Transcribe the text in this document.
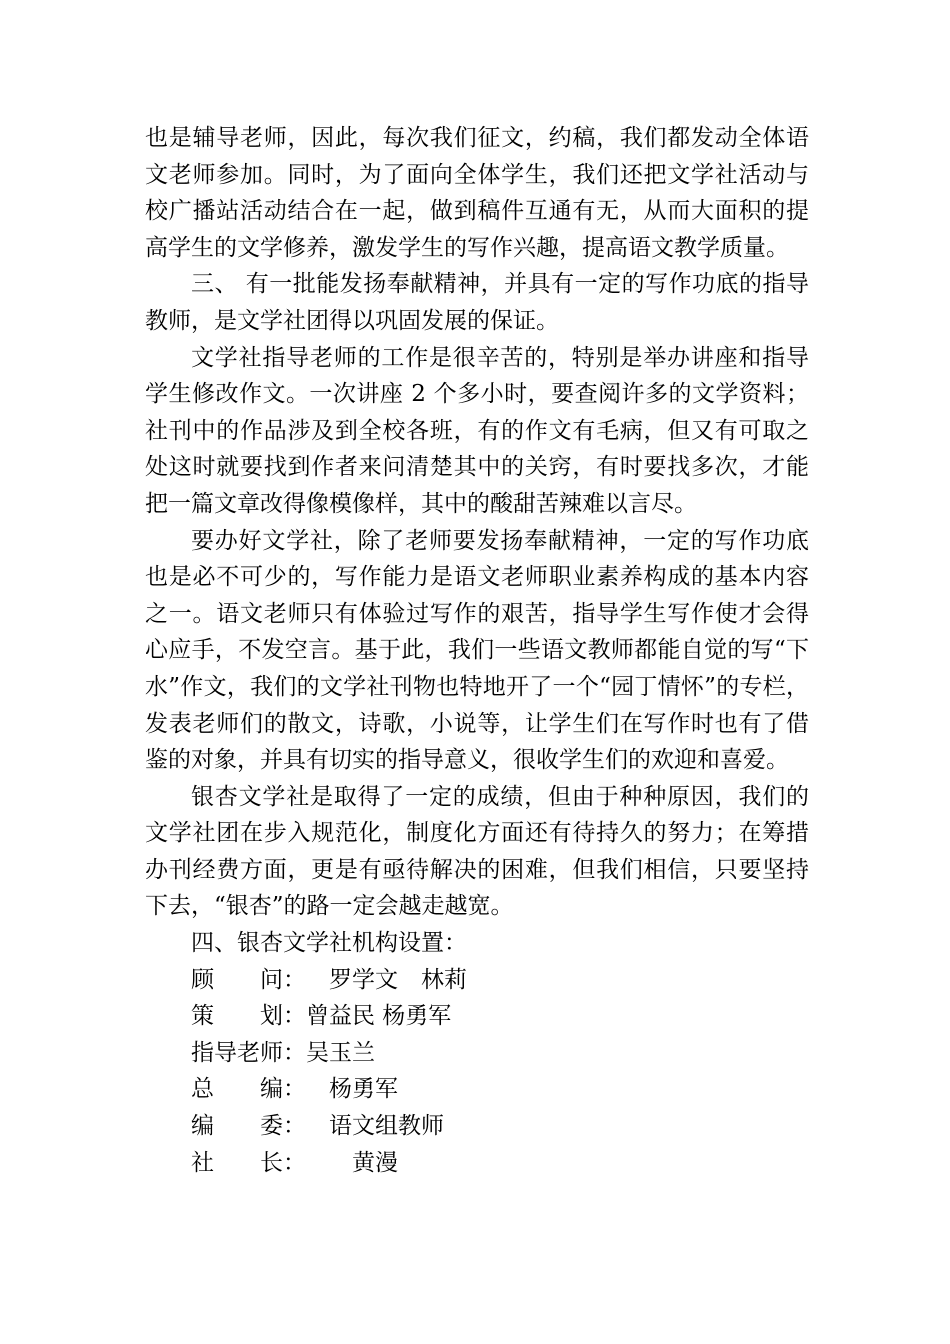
也是辅导老师，因此，每次我们征文，约稿，我们都发动全体语文老师参加。同时，为了面向全体学生，我们还把文学社活动与校广播站活动结合在一起，做到稿件互通有无，从而大面积的提高学生的文学修养，激发学生的写作兴趣，提高语文教学质量。

三、 有一批能发扬奉献精神，并具有一定的写作功底的指导教师，是文学社团得以巩固发展的保证。

文学社指导老师的工作是很辛苦的，特别是举办讲座和指导学生修改作文。一次讲座 2 个多小时，要查阅许多的文学资料；社刊中的作品涉及到全校各班，有的作文有毛病，但又有可取之处这时就要找到作者来问清楚其中的关窍，有时要找多次，才能把一篇文章改得像模像样，其中的酸甜苦辣难以言尽。

要办好文学社，除了老师要发扬奉献精神，一定的写作功底也是必不可少的，写作能力是语文老师职业素养构成的基本内容之一。语文老师只有体验过写作的艰苦，指导学生写作使才会得心应手，不发空言。基于此，我们一些语文教师都能自觉的写“下水”作文，我们的文学社刊物也特地开了一个“园丁情怀”的专栏，发表老师们的散文，诗歌，小说等，让学生们在写作时也有了借鉴的对象，并具有切实的指导意义，很收学生们的欢迎和喜爱。

银杏文学社是取得了一定的成绩，但由于种种原因，我们的文学社团在步入规范化，制度化方面还有待持久的努力；在筹措办刊经费方面，更是有亟待解决的困难，但我们相信，只要坚持下去，“银杏”的路一定会越走越宽。

四、银杏文学社机构设置：

顾　　问： 　罗学文　林莉
策　　划： 曾益民 杨勇军
指导老师： 吴玉兰
总　　编： 　杨勇军
编　　委： 　语文组教师
社　　长： 　　黄漫
